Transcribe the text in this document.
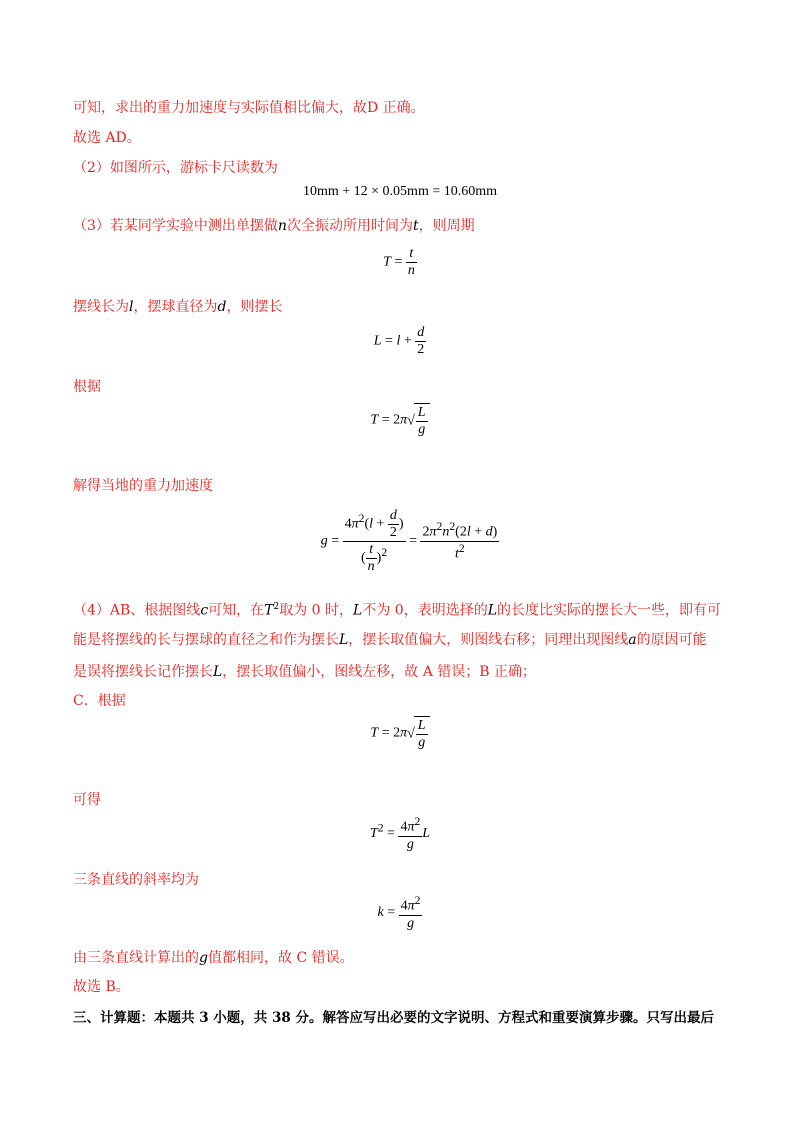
可知，求出的重力加速度与实际值相比偏大，故D 正确。
故选 AD。
（2）如图所示，游标卡尺读数为
10mm + 12 × 0.05mm = 10.60mm
（3）若某同学实验中测出单摆做n次全振动所用时间为t，则周期
$T = \frac{t}{n}$
摆线长为l，摆球直径为d，则摆长
$L = l + \frac{d}{2}$
根据
$T = 2\pi√ \frac{L}{g}$
解得当地的重力加速度
$g = \frac{4\pi^2(l + \frac{d}{2} )}{( \frac{t}{n} )^2} = \frac{2\pi^2n^2(2l + d)}{t^2}$
（4）AB、根据图线c可知，在$T^2$取为 0 时，L不为 0，表明选择的L的长度比实际的摆长大一些，即有可
能是将摆线的长与摆球的直径之和作为摆长L，摆长取值偏大，则图线右移；同理出现图线a的原因可能
是误将摆线长记作摆长L，摆长取值偏小，图线左移，故 A 错误；B 正确；
C．根据
$T = 2\pi√ \frac{L}{g}$
可得
$T^2 = \frac{4\pi^2}{g}$ L
三条直线的斜率均为
$k = \frac{4\pi^2}{g}$
由三条直线计算出的g值都相同，故 C 错误。
故选 B。
三、计算题：本题共 3 小题，共 38 分。解答应写出必要的文字说明、方程式和重要演算步骤。只写出最后
